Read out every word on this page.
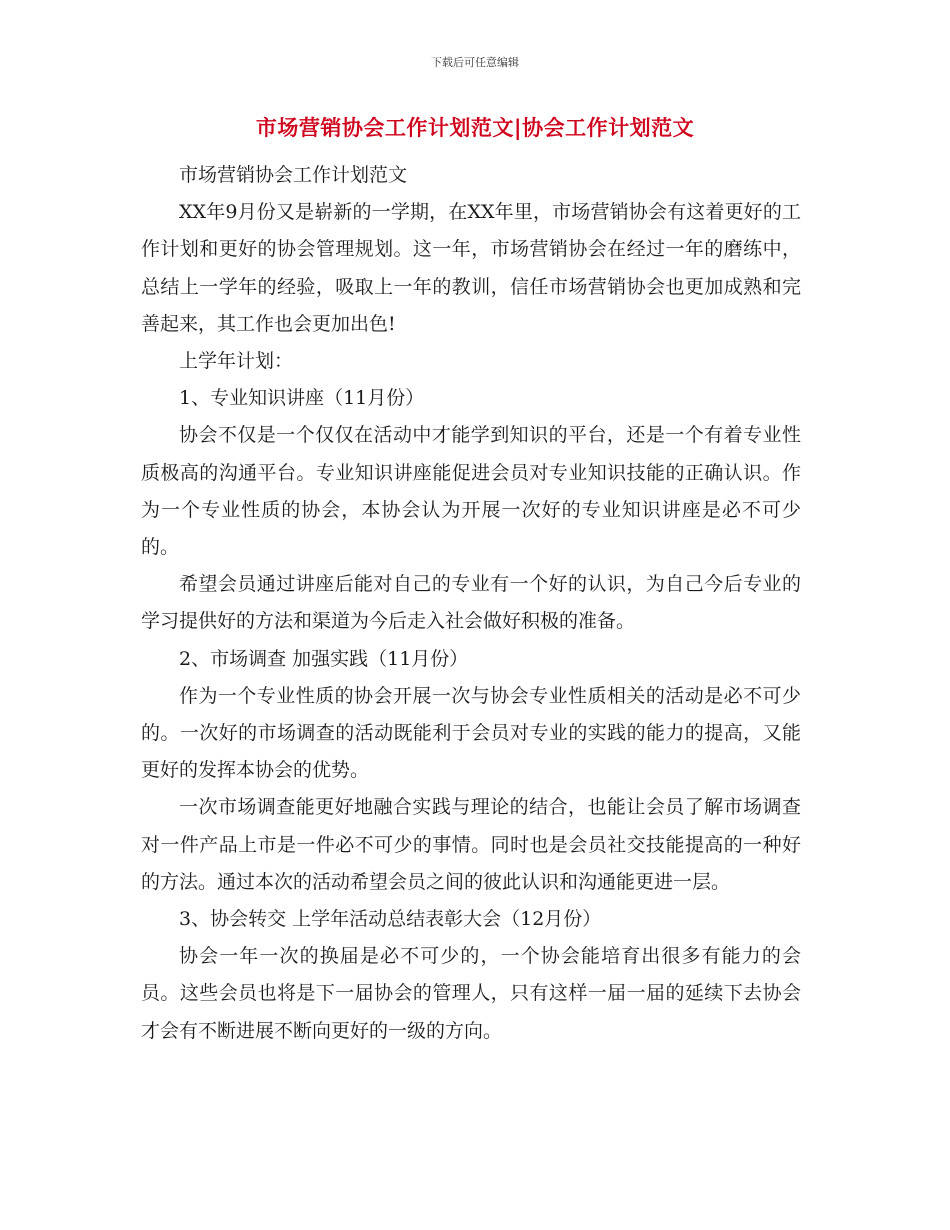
下载后可任意编辑
市场营销协会工作计划范文|协会工作计划范文

市场营销协会工作计划范文

XX年9月份又是崭新的一学期，在XX年里，市场营销协会有这着更好的工作计划和更好的协会管理规划。这一年，市场营销协会在经过一年的磨练中，总结上一学年的经验，吸取上一年的教训，信任市场营销协会也更加成熟和完善起来，其工作也会更加出色!

上学年计划：

1、专业知识讲座（11月份）

协会不仅是一个仅仅在活动中才能学到知识的平台，还是一个有着专业性质极高的沟通平台。专业知识讲座能促进会员对专业知识技能的正确认识。作为一个专业性质的协会，本协会认为开展一次好的专业知识讲座是必不可少的。

希望会员通过讲座后能对自己的专业有一个好的认识，为自己今后专业的学习提供好的方法和渠道为今后走入社会做好积极的准备。

2、市场调查 加强实践（11月份）

作为一个专业性质的协会开展一次与协会专业性质相关的活动是必不可少的。一次好的市场调查的活动既能利于会员对专业的实践的能力的提高，又能更好的发挥本协会的优势。

一次市场调查能更好地融合实践与理论的结合，也能让会员了解市场调查对一件产品上市是一件必不可少的事情。同时也是会员社交技能提高的一种好的方法。通过本次的活动希望会员之间的彼此认识和沟通能更进一层。

3、协会转交 上学年活动总结表彰大会（12月份）

协会一年一次的换届是必不可少的，一个协会能培育出很多有能力的会员。这些会员也将是下一届协会的管理人，只有这样一届一届的延续下去协会才会有不断进展不断向更好的一级的方向。
